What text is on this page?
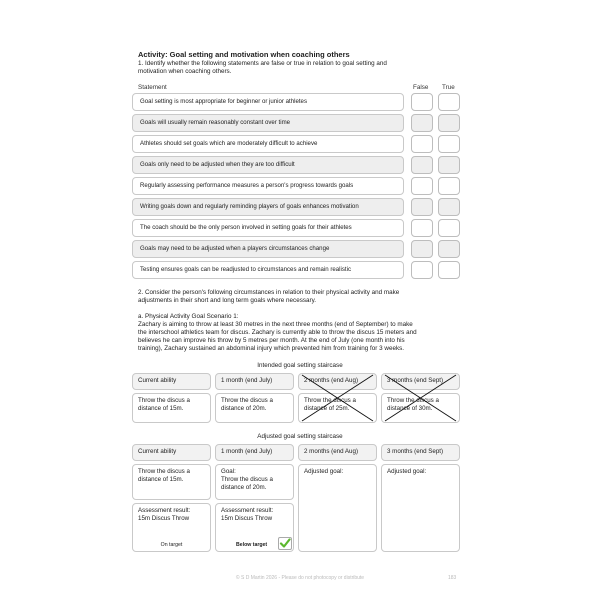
Activity: Goal setting and motivation when coaching others
1. Identify whether the following statements are false or true in relation to goal setting and
motivation when coaching others.
Statement	False True
Goal setting is most appropriate for beginner or junior athletes
Goals will usually remain reasonably constant over time
Athletes should set goals which are moderately difficult to achieve
Goals only need to be adjusted when they are too difficult
Regularly assessing performance measures a person's progress towards goals
Writing goals down and regularly reminding players of goals enhances motivation
The coach should be the only person involved in setting goals for their athletes
Goals may need to be adjusted when a players circumstances change
Testing ensures goals can be readjusted to circumstances and remain realistic
2. Consider the person's following circumstances in relation to their physical activity and make
adjustments in their short and long term goals where necessary.
a. Physical Activity Goal Scenario 1:
Zachary is aiming to throw at least 30 metres in the next three months (end of September) to make
the interschool athletics team for discus. Zachary is currently able to throw the discus 15 meters and
believes he can improve his throw by 5 metres per month. At the end of July (one month into his
training), Zachary sustained an abdominal injury which prevented him from training for 3 weeks.
Intended goal setting staircase
Current ability	1 month (end July)	2 months (end Aug)	3 months (end Sept)
Throw the discus a
distance of 15m.
Throw the discus a
distance of 20m.
Throw the discus a
distance of 25m.
Throw the discus a
distance of 30m.
Adjusted goal setting staircase
Current ability	1 month (end July)	2 months (end Aug)	3 months (end Sept)
Throw the discus a
distance of 15m.
Goal:
Throw the discus a
distance of 20m.
Adjusted goal:	Adjusted goal:
Assessment result:
15m Discus Throw
On target
Assessment result:
15m Discus Throw
Below target
© S D Martin 2026 - Please do not photocopy or distribute	183
